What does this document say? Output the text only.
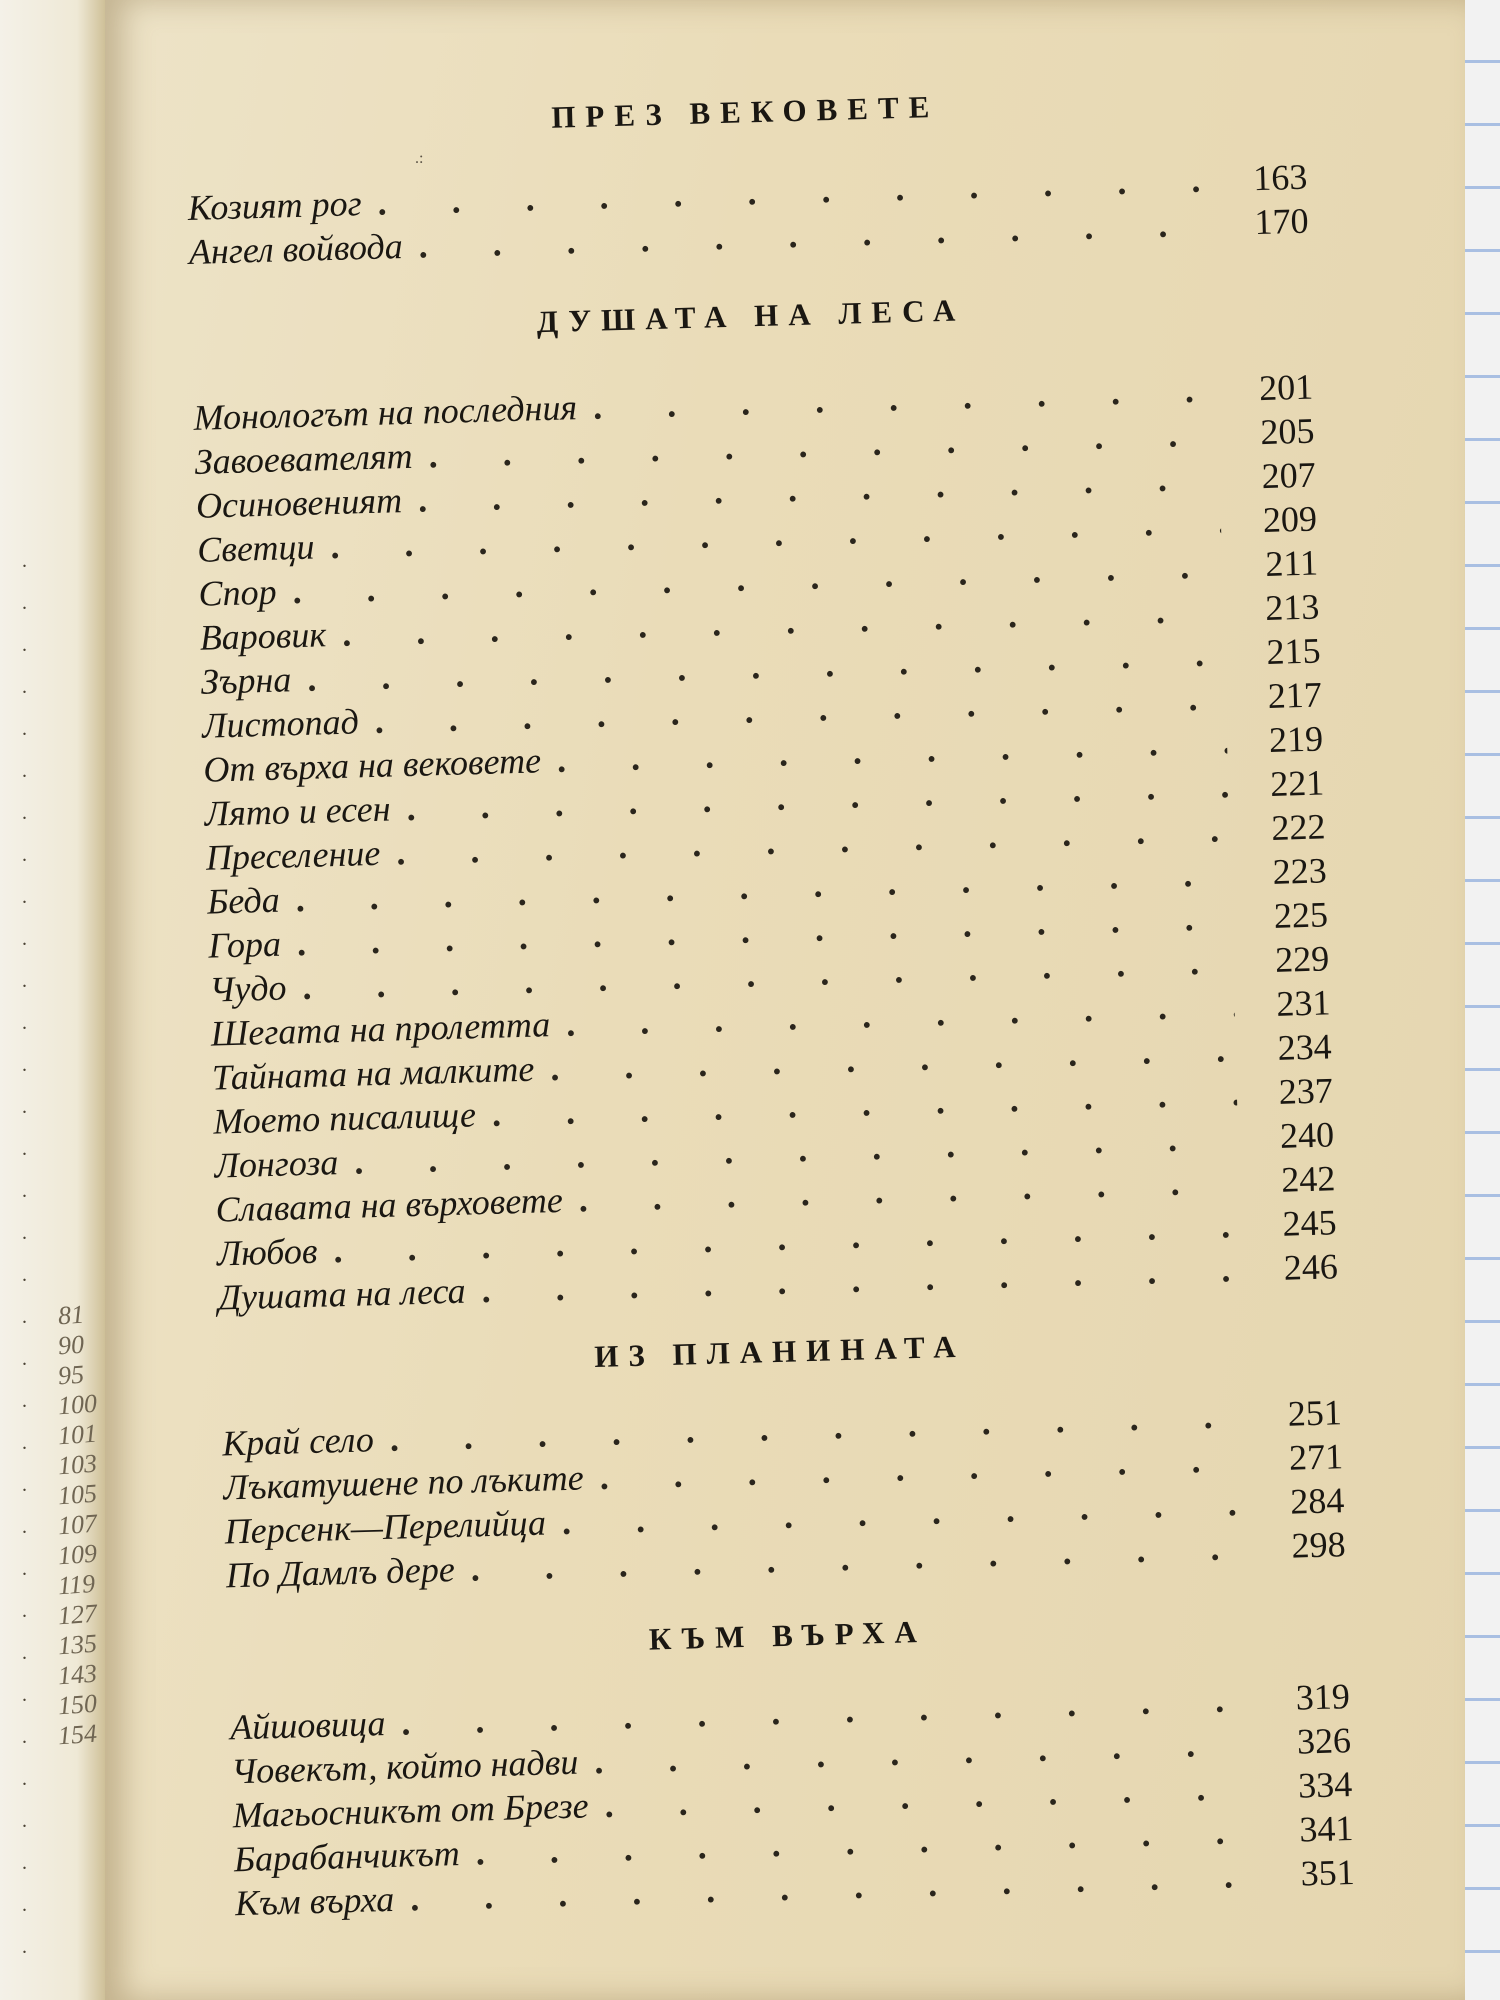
.
.
.
.
.
.
.
.
.
.
.
.
.
.
.
.
.
.
.
.
.
.
.
.
.
.
.
.
.
.
.
.
.
.
81
90
95
100
101
103
105
107
109
119
127
135
143
150
154
.:
ПРЕЗ ВЕКОВЕТЕ
Козият рог
. . .
163
Ангел войвода
. . .
170
ДУШАТА НА ЛЕСА
Монологът на последния
. . .	201
Завоевателят
. . .
205
Осиновеният
. . .
207
Светци
. . .
209
Спор
. . .
211
Варовик
. . .
213
Зърна
. . .
215
Листопад
. . .
217
От върха на вековете
. . .
219
Лято и есен
. . .
221
Преселение
. . .
222
Беда
. . .
223
Гора
. . .
225
Чудо
. . .
229
Шегата на пролетта
. . .
231
Тайната на малките
. . .
234
Моето писалище
. . .
237
Лонгоза
. . .
240
Славата на върховете
. . .
242
Любов
. . .
245
Душата на леса
. . .
246
ИЗ ПЛАНИНАТА
Край село
. . .
251
Лъкатушене по лъките
. . .
271
Персенк—Перелийца
. . .
284
По Дамлъ дере
. . .
298
КЪМ ВЪРХА
Айшовица
. . .
319
Човекът, който надви
. . .
326
Магьосникът от Брезе
. . .
334
Барабанчикът
. . .
341
Към върха
. . .
351
